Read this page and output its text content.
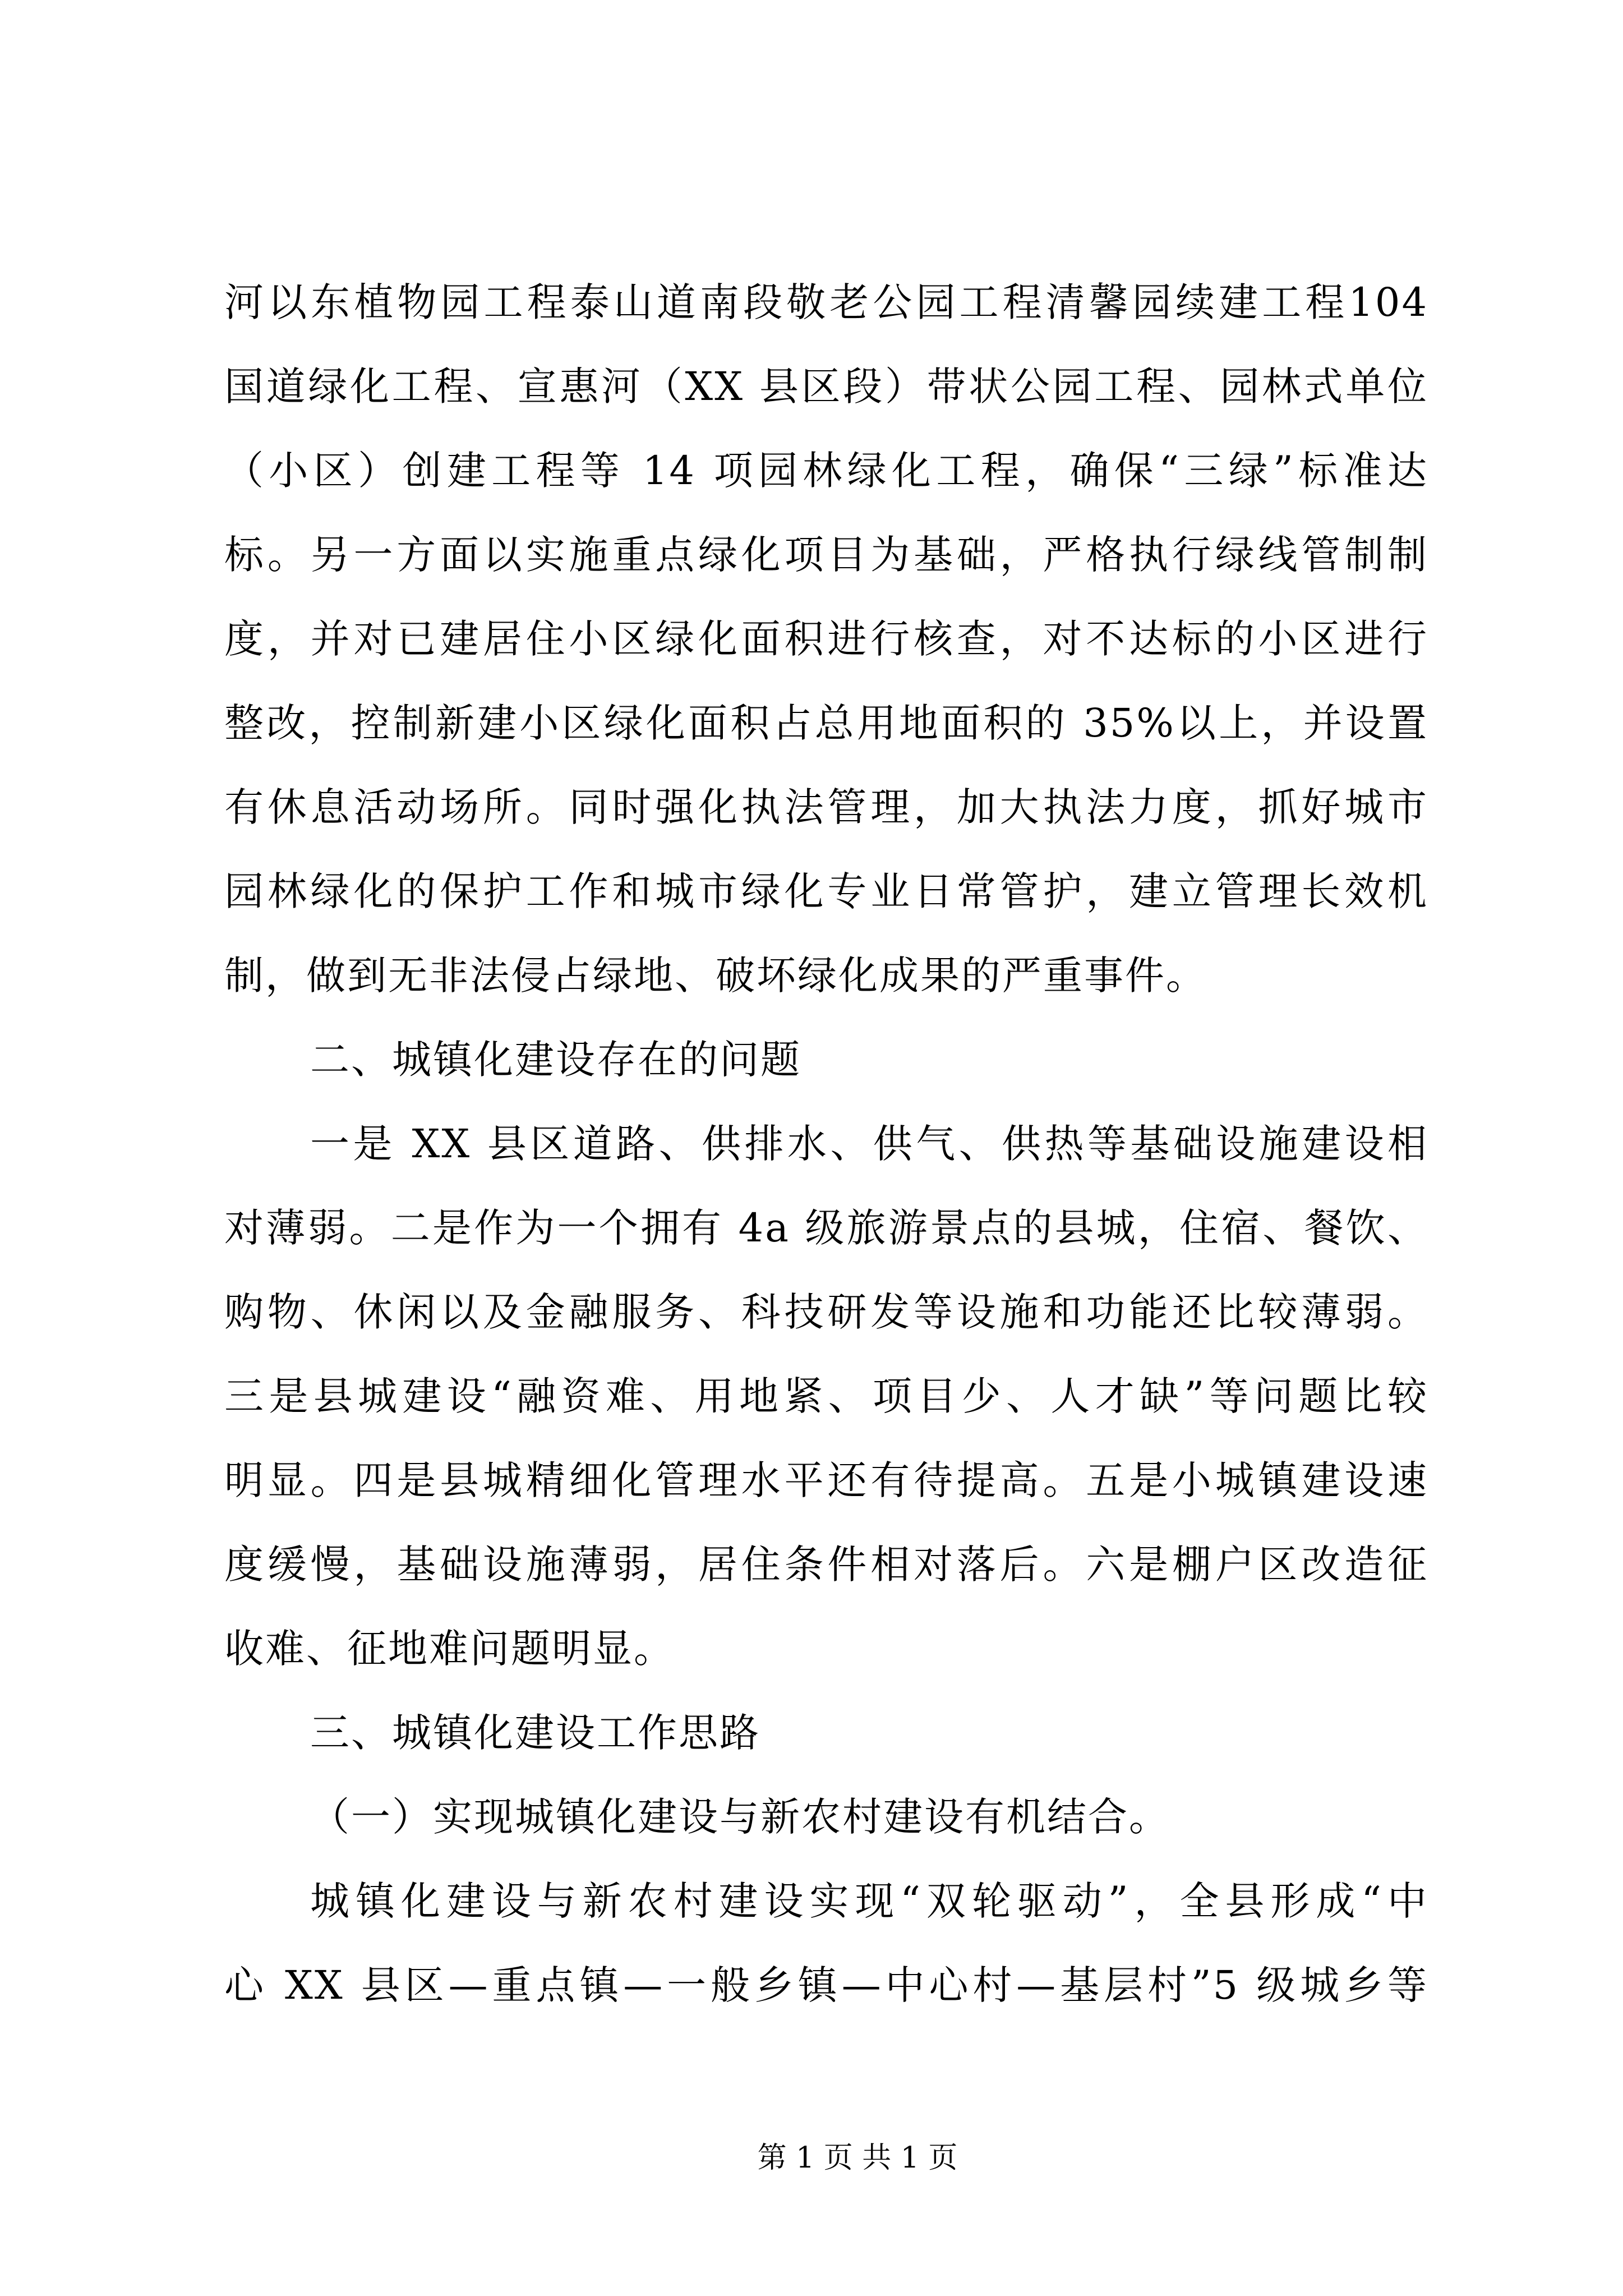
河以东植物园工程泰山道南段敬老公园工程清馨园续建工程104
国道绿化工程、宣惠河（XX 县区段）带状公园工程、园林式单位
（小区）创建工程等 14 项园林绿化工程，确保“三绿”标准达
标。另一方面以实施重点绿化项目为基础，严格执行绿线管制制
度，并对已建居住小区绿化面积进行核查，对不达标的小区进行
整改，控制新建小区绿化面积占总用地面积的 35%以上，并设置
有休息活动场所。同时强化执法管理，加大执法力度，抓好城市
园林绿化的保护工作和城市绿化专业日常管护，建立管理长效机
制，做到无非法侵占绿地、破坏绿化成果的严重事件。
二、城镇化建设存在的问题
一是 XX 县区道路、供排水、供气、供热等基础设施建设相
对薄弱。二是作为一个拥有 4a 级旅游景点的县城，住宿、餐饮、
购物、休闲以及金融服务、科技研发等设施和功能还比较薄弱。
三是县城建设“融资难、用地紧、项目少、人才缺”等问题比较
明显。四是县城精细化管理水平还有待提高。五是小城镇建设速
度缓慢，基础设施薄弱，居住条件相对落后。六是棚户区改造征
收难、征地难问题明显。
三、城镇化建设工作思路
（一）实现城镇化建设与新农村建设有机结合。
城镇化建设与新农村建设实现“双轮驱动”，全县形成“中
心 XX 县区—重点镇—一般乡镇—中心村—基层村”5 级城乡等
第 1 页 共 1 页
